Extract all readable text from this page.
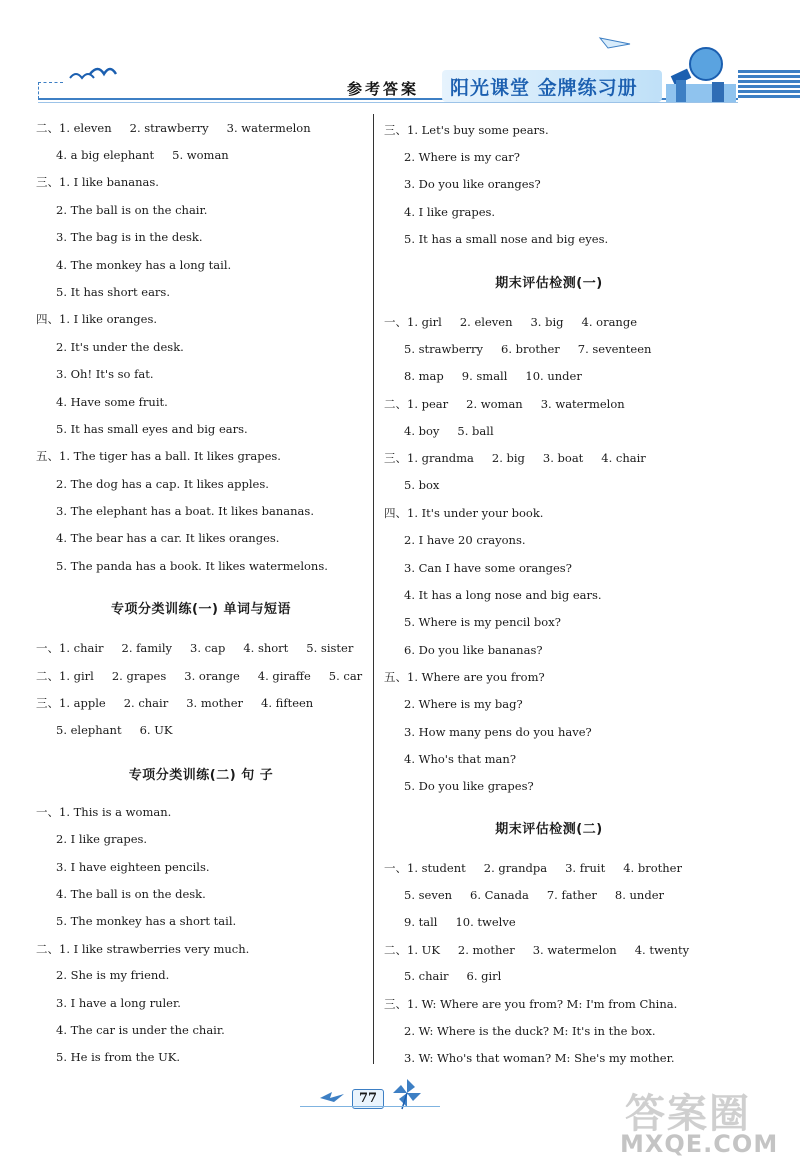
参考答案 阳光课堂 金牌练习册
二、1. eleven 2. strawberry 3. watermelon
4. a big elephant 5. woman
三、1. I like bananas.
2. The ball is on the chair.
3. The bag is in the desk.
4. The monkey has a long tail.
5. It has short ears.
四、1. I like oranges.
2. It's under the desk.
3. Oh! It's so fat.
4. Have some fruit.
5. It has small eyes and big ears.
五、1. The tiger has a ball. It likes grapes.
2. The dog has a cap. It likes apples.
3. The elephant has a boat. It likes bananas.
4. The bear has a car. It likes oranges.
5. The panda has a book. It likes watermelons.
专项分类训练(一) 单词与短语
一、1. chair 2. family 3. cap 4. short 5. sister
二、1. girl 2. grapes 3. orange 4. giraffe 5. car
三、1. apple 2. chair 3. mother 4. fifteen
5. elephant 6. UK
专项分类训练(二) 句 子
一、1. This is a woman.
2. I like grapes.
3. I have eighteen pencils.
4. The ball is on the desk.
5. The monkey has a short tail.
二、1. I like strawberries very much.
2. She is my friend.
3. I have a long ruler.
4. The car is under the chair.
5. He is from the UK.
三、1. Let's buy some pears.
2. Where is my car?
3. Do you like oranges?
4. I like grapes.
5. It has a small nose and big eyes.
期末评估检测(一)
一、1. girl 2. eleven 3. big 4. orange
5. strawberry 6. brother 7. seventeen
8. map 9. small 10. under
二、1. pear 2. woman 3. watermelon
4. boy 5. ball
三、1. grandma 2. big 3. boat 4. chair
5. box
四、1. It's under your book.
2. I have 20 crayons.
3. Can I have some oranges?
4. It has a long nose and big ears.
5. Where is my pencil box?
6. Do you like bananas?
五、1. Where are you from?
2. Where is my bag?
3. How many pens do you have?
4. Who's that man?
5. Do you like grapes?
期末评估检测(二)
一、1. student 2. grandpa 3. fruit 4. brother
5. seven 6. Canada 7. father 8. under
9. tall 10. twelve
二、1. UK 2. mother 3. watermelon 4. twenty
5. chair 6. girl
三、1. W: Where are you from? M: I'm from China.
2. W: Where is the duck? M: It's in the box.
3. W: Who's that woman? M: She's my mother.
77	答案圈
MXQE.COM
